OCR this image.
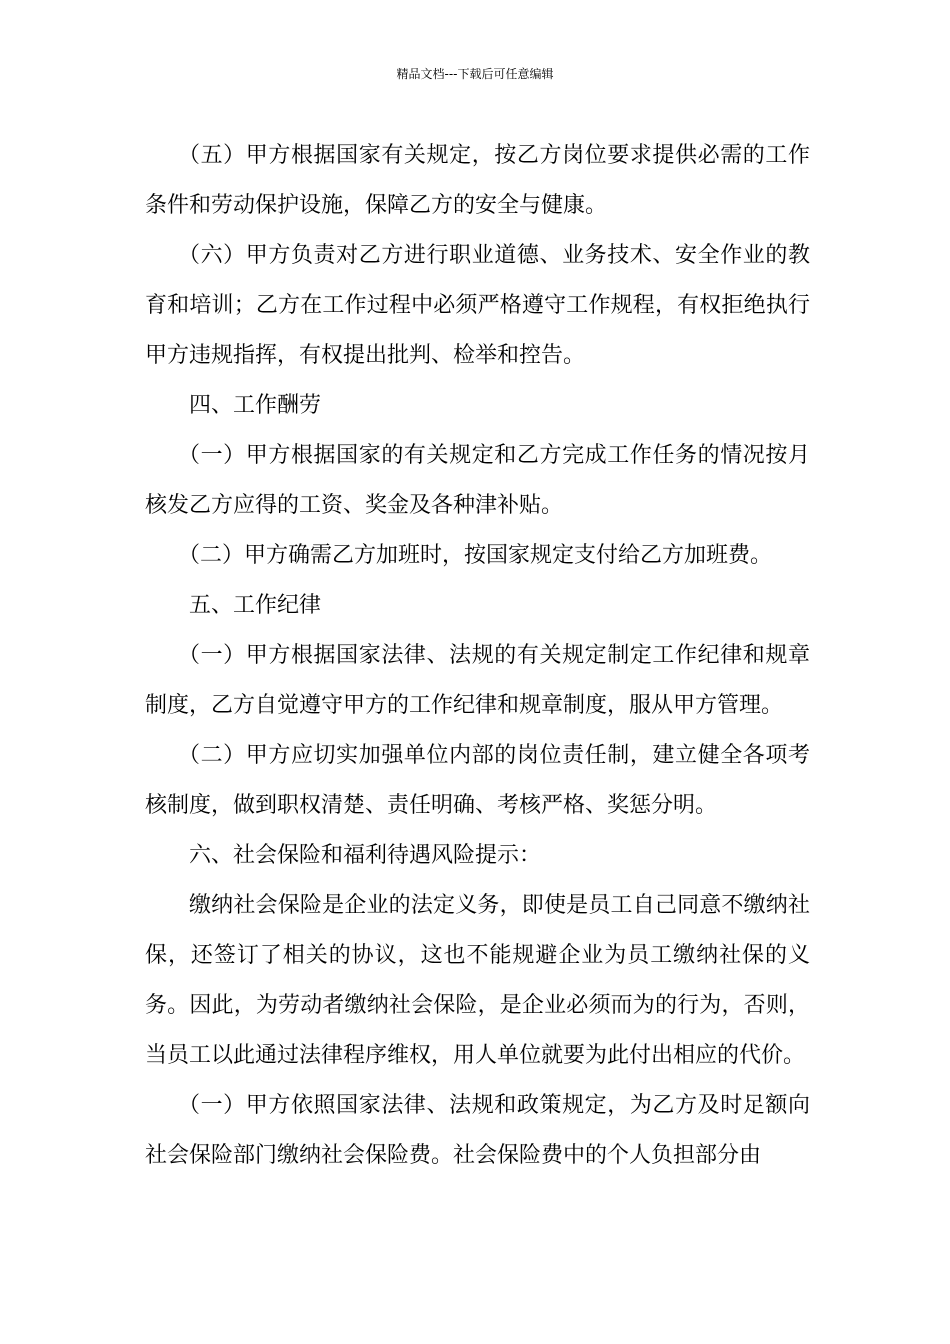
精品文档---下载后可任意编辑

（五）甲方根据国家有关规定，按乙方岗位要求提供必需的工作条件和劳动保护设施，保障乙方的安全与健康。

（六）甲方负责对乙方进行职业道德、业务技术、安全作业的教育和培训；乙方在工作过程中必须严格遵守工作规程，有权拒绝执行甲方违规指挥，有权提出批判、检举和控告。

四、工作酬劳

（一）甲方根据国家的有关规定和乙方完成工作任务的情况按月核发乙方应得的工资、奖金及各种津补贴。

（二）甲方确需乙方加班时，按国家规定支付给乙方加班费。

五、工作纪律

（一）甲方根据国家法律、法规的有关规定制定工作纪律和规章制度，乙方自觉遵守甲方的工作纪律和规章制度，服从甲方管理。

（二）甲方应切实加强单位内部的岗位责任制，建立健全各项考核制度，做到职权清楚、责任明确、考核严格、奖惩分明。

六、社会保险和福利待遇风险提示：

缴纳社会保险是企业的法定义务，即使是员工自己同意不缴纳社保，还签订了相关的协议，这也不能规避企业为员工缴纳社保的义务。因此，为劳动者缴纳社会保险，是企业必须而为的行为，否则，当员工以此通过法律程序维权，用人单位就要为此付出相应的代价。

（一）甲方依照国家法律、法规和政策规定，为乙方及时足额向社会保险部门缴纳社会保险费。社会保险费中的个人负担部分由
